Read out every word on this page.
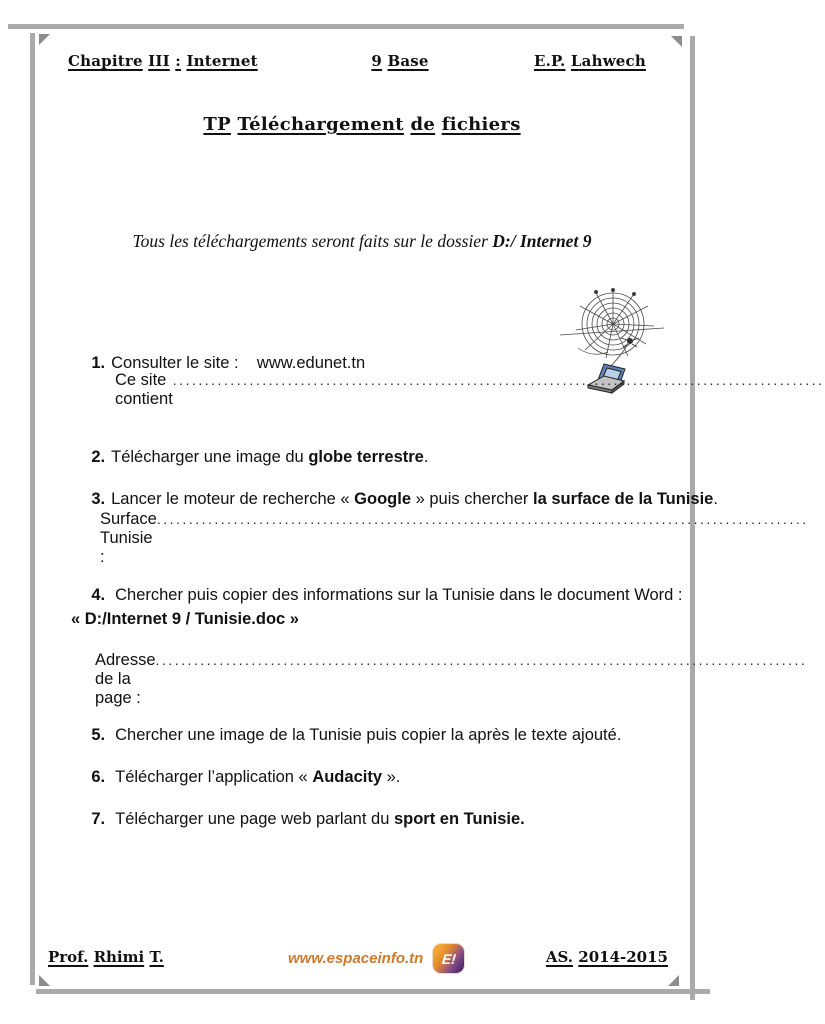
Chapitre III : Internet	9 Base	E.P. Lahwech
TP Téléchargement de fichiers
Tous les téléchargements seront faits sur le dossier D:/ Internet 9

1. Consulter le site :    www.edunet.tn

Ce site contient
......................................................................................................

2. Télécharger une image du globe terrestre.

3. Lancer le moteur de recherche « Google » puis chercher la surface de la Tunisie.

Surface Tunisie :
......................................................................................................

4. Chercher puis copier des informations sur la Tunisie dans le document Word :

« D:/Internet 9 / Tunisie.doc »
Adresse de la page :
......................................................................................................

5. Chercher une image de la Tunisie puis copier la après le texte ajouté.

6. Télécharger l’application « Audacity ».

7. Télécharger une page web parlant du sport en Tunisie.

Prof. Rhimi T.	www.espaceinfo.tn E!	AS. 2014-2015
